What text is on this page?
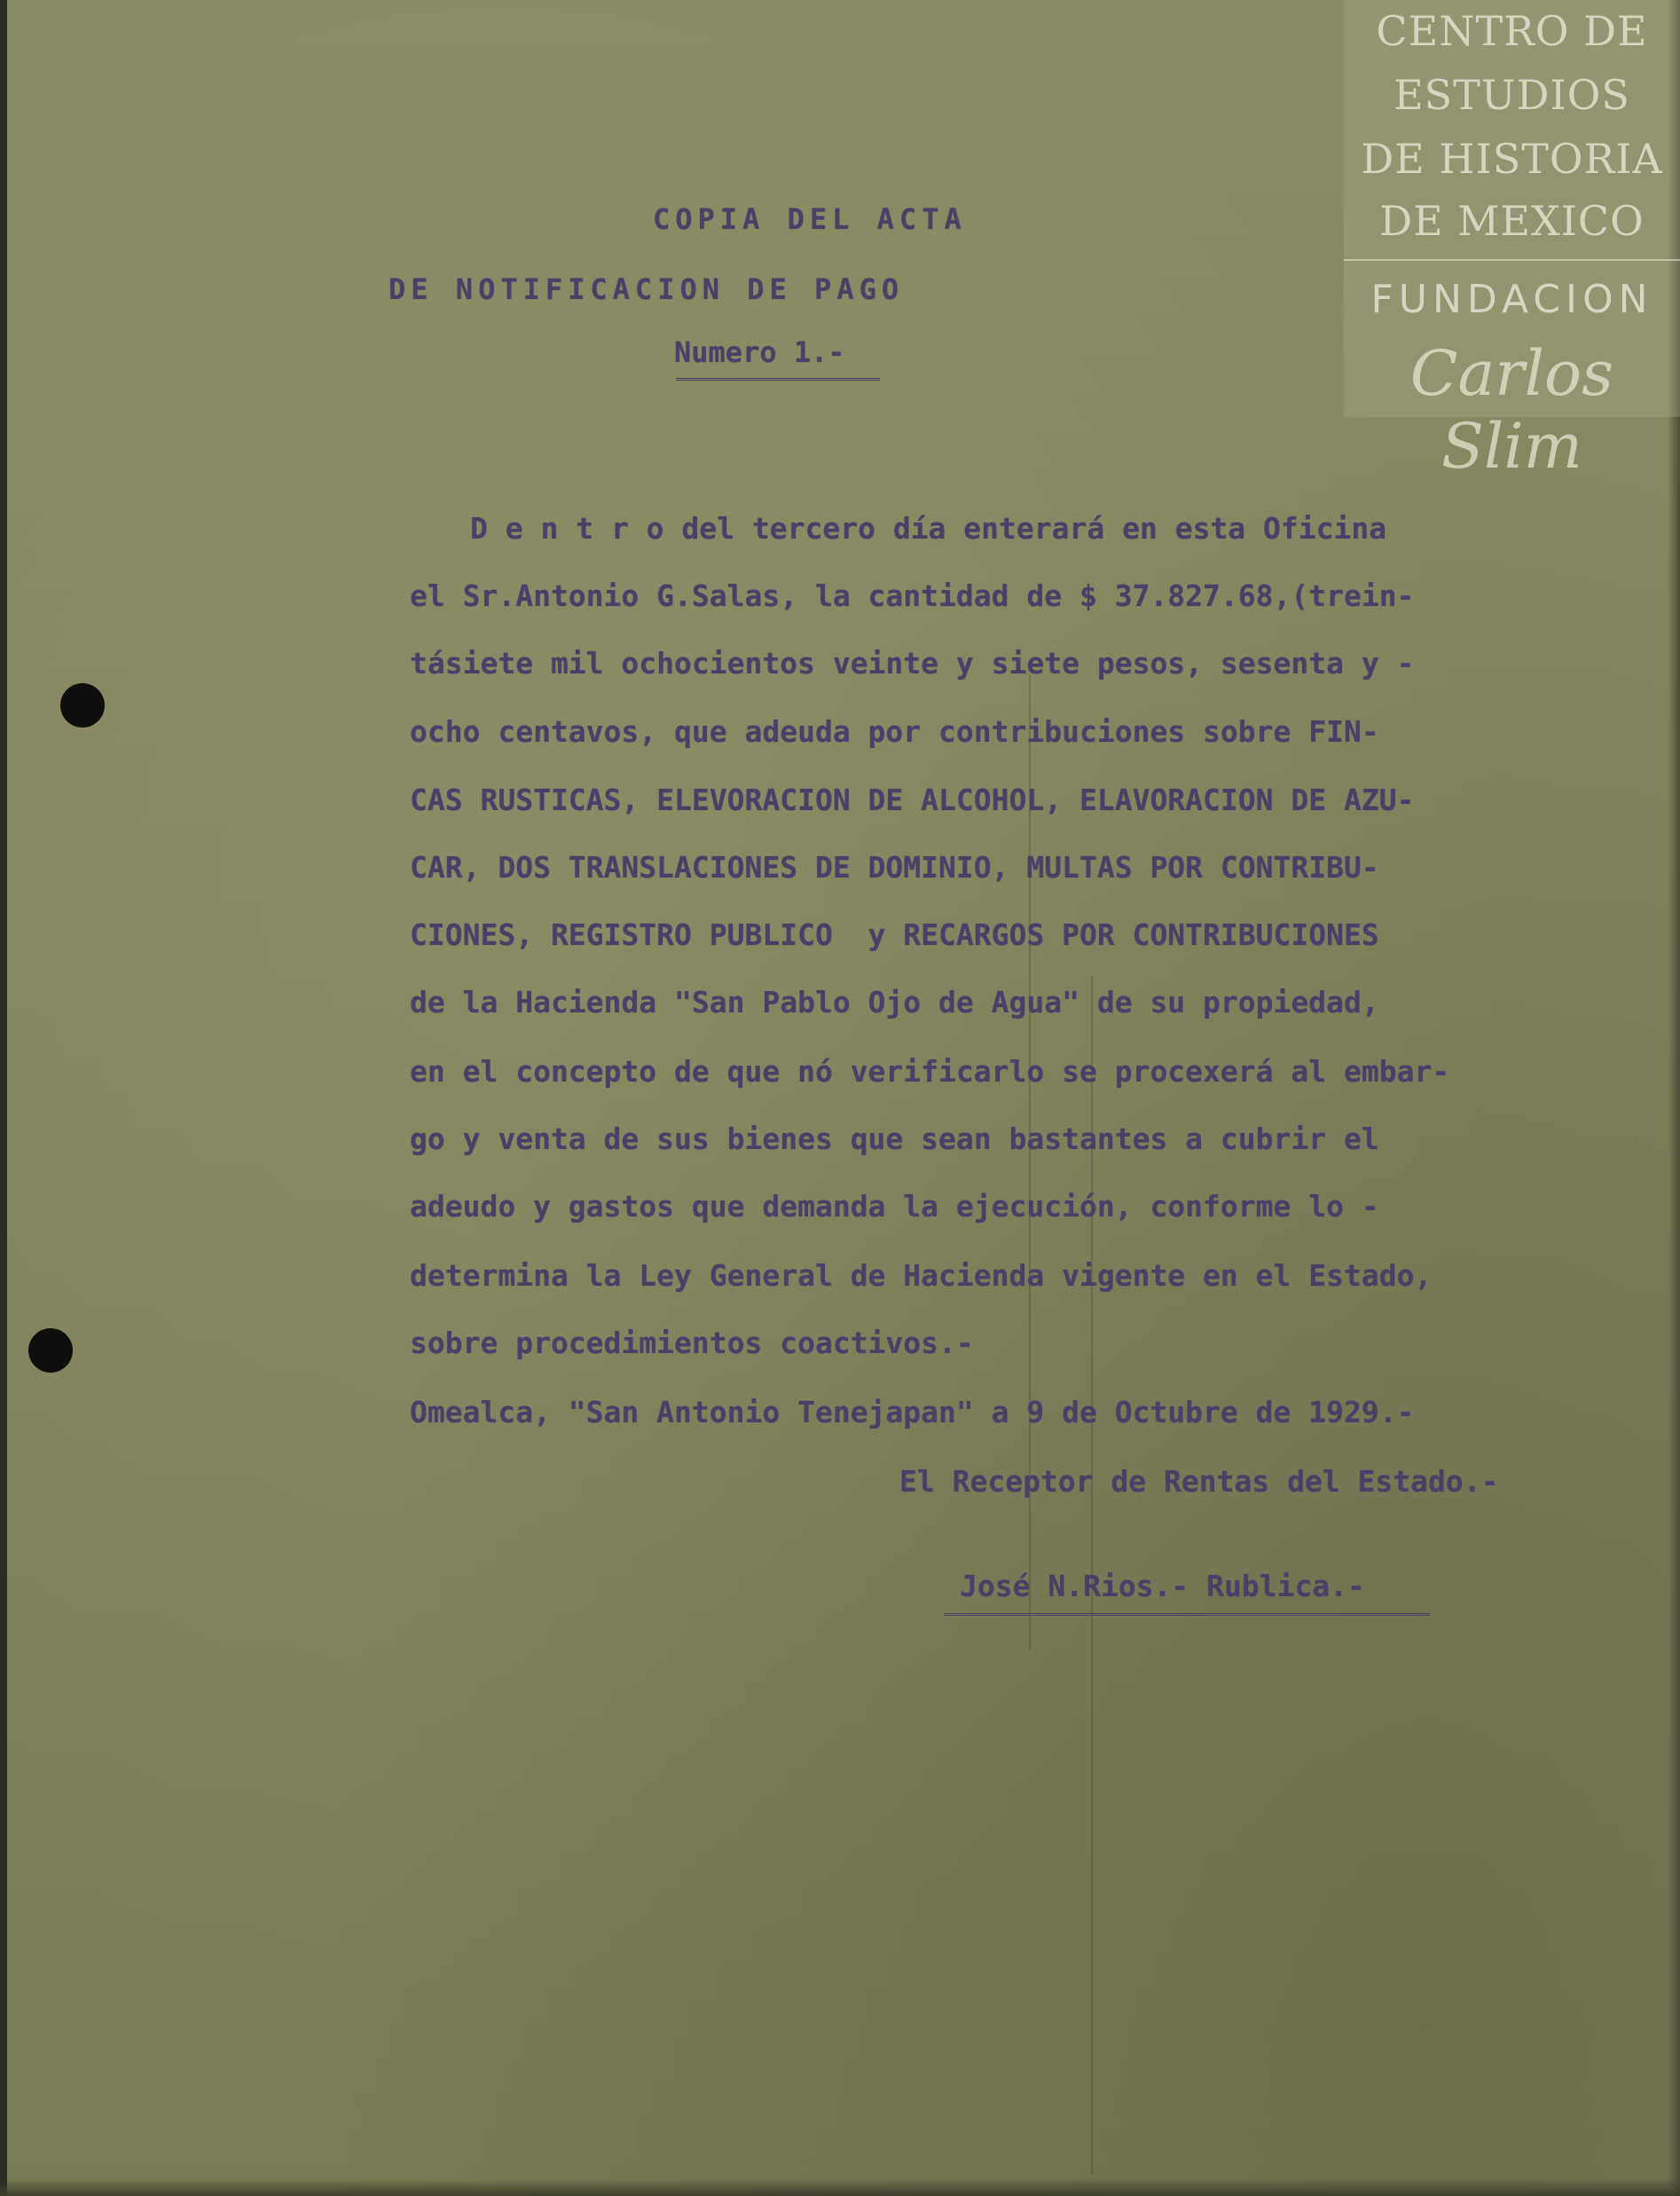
COPIA DEL ACTA
DE NOTIFICACION DE PAGO
Numero 1.-
D e n t r o del tercero día enterará en esta Oficina
el Sr.Antonio G.Salas, la cantidad de $ 37.827.68,(trein-
tásiete mil ochocientos veinte y siete pesos, sesenta y -
ocho centavos, que adeuda por contribuciones sobre FIN-
CAS RUSTICAS, ELEVORACION DE ALCOHOL, ELAVORACION DE AZU-
CAR, DOS TRANSLACIONES DE DOMINIO, MULTAS POR CONTRIBU-
CIONES, REGISTRO PUBLICO  y RECARGOS POR CONTRIBUCIONES
de la Hacienda "San Pablo Ojo de Agua" de su propiedad,
en el concepto de que nó verificarlo se procexerá al embar-
go y venta de sus bienes que sean bastantes a cubrir el
adeudo y gastos que demanda la ejecución, conforme lo -
determina la Ley General de Hacienda vigente en el Estado,
sobre procedimientos coactivos.-
Omealca, "San Antonio Tenejapan" a 9 de Octubre de 1929.-
El Receptor de Rentas del Estado.-
José N.Rios.- Rublica.-
CENTRO DE
ESTUDIOS
DE HISTORIA
DE MEXICO
FUNDACION
Carlos Slim
